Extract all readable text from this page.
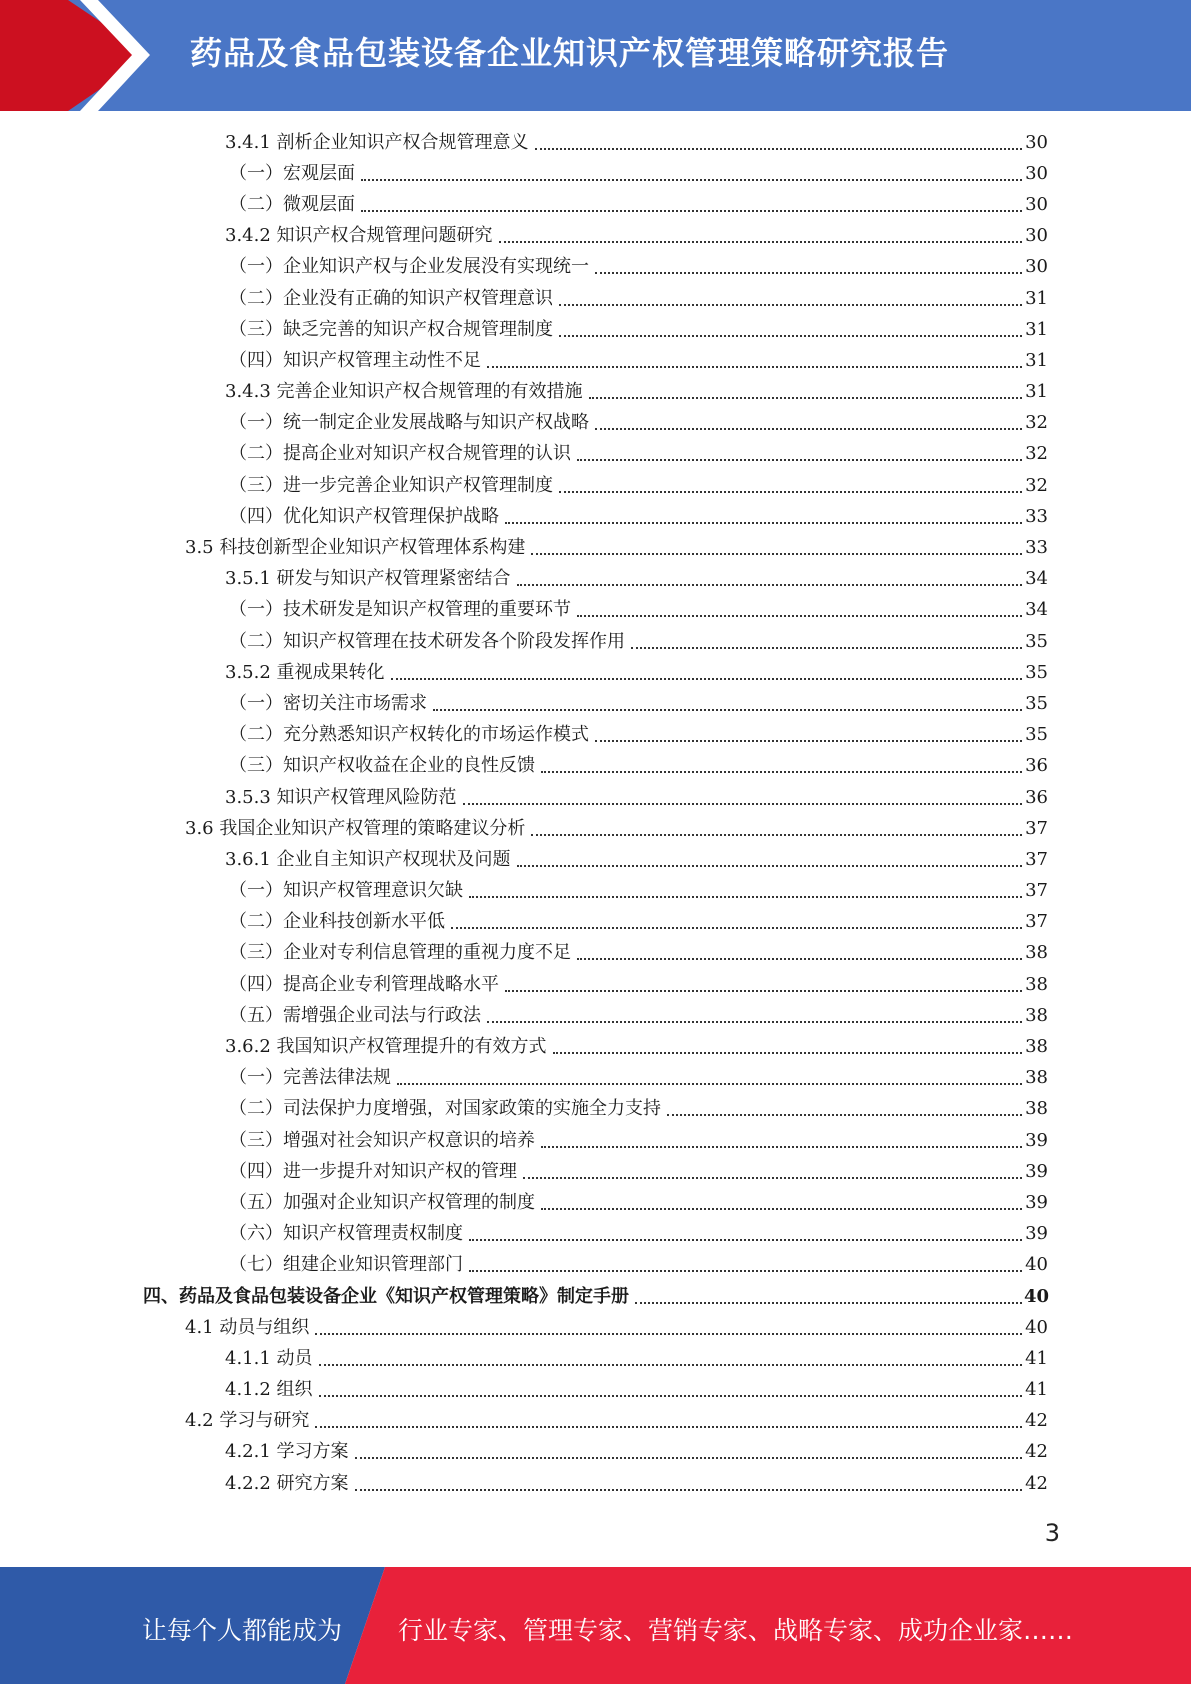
药品及食品包装设备企业知识产权管理策略研究报告
3.4.1 剖析企业知识产权合规管理意义	30
（一）宏观层面	30
（二）微观层面	30
3.4.2 知识产权合规管理问题研究	30
（一）企业知识产权与企业发展没有实现统一	30
（二）企业没有正确的知识产权管理意识	31
（三）缺乏完善的知识产权合规管理制度	31
（四）知识产权管理主动性不足	31
3.4.3 完善企业知识产权合规管理的有效措施	31
（一）统一制定企业发展战略与知识产权战略	32
（二）提高企业对知识产权合规管理的认识	32
（三）进一步完善企业知识产权管理制度	32
（四）优化知识产权管理保护战略	33
3.5 科技创新型企业知识产权管理体系构建	33
3.5.1 研发与知识产权管理紧密结合	34
（一）技术研发是知识产权管理的重要环节	34
（二）知识产权管理在技术研发各个阶段发挥作用	35
3.5.2 重视成果转化	35
（一）密切关注市场需求	35
（二）充分熟悉知识产权转化的市场运作模式	35
（三）知识产权收益在企业的良性反馈	36
3.5.3 知识产权管理风险防范	36
3.6 我国企业知识产权管理的策略建议分析	37
3.6.1 企业自主知识产权现状及问题	37
（一）知识产权管理意识欠缺	37
（二）企业科技创新水平低	37
（三）企业对专利信息管理的重视力度不足	38
（四）提高企业专利管理战略水平	38
（五）需增强企业司法与行政法	38
3.6.2 我国知识产权管理提升的有效方式	38
（一）完善法律法规	38
（二）司法保护力度增强，对国家政策的实施全力支持	38
（三）增强对社会知识产权意识的培养	39
（四）进一步提升对知识产权的管理	39
（五）加强对企业知识产权管理的制度	39
（六）知识产权管理责权制度	39
（七）组建企业知识管理部门	40
四、药品及食品包装设备企业《知识产权管理策略》制定手册	40
4.1 动员与组织	40
4.1.1 动员	41
4.1.2 组织	41
4.2 学习与研究	42
4.2.1 学习方案	42
4.2.2 研究方案	42
3
让每个人都能成为 行业专家、管理专家、营销专家、战略专家、成功企业家……
